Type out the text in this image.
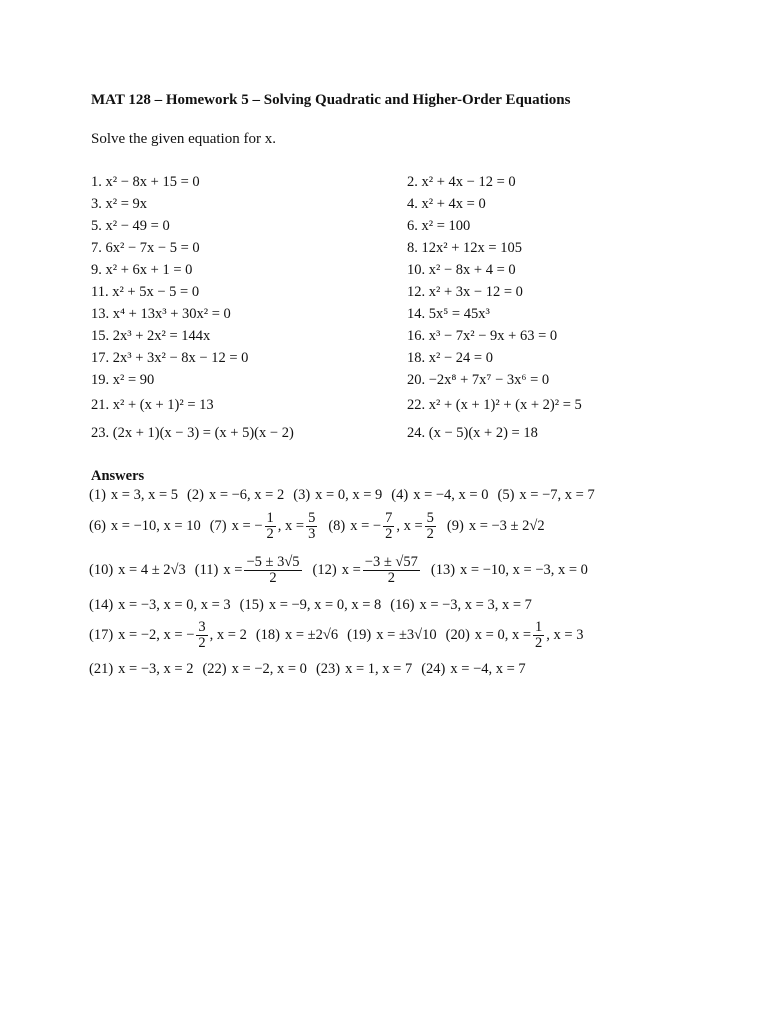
MAT 128 – Homework 5 – Solving Quadratic and Higher-Order Equations
Solve the given equation for x.
1. x² − 8x + 15 = 0	2. x² + 4x − 12 = 0
3. x² = 9x	4. x² + 4x = 0
5. x² − 49 = 0	6. x² = 100
7. 6x² − 7x − 5 = 0	8. 12x² + 12x = 105
9. x² + 6x + 1 = 0	10. x² − 8x + 4 = 0
11. x² + 5x − 5 = 0	12. x² + 3x − 12 = 0
13. x⁴ + 13x³ + 30x² = 0	14. 5x⁵ = 45x³
15. 2x³ + 2x² = 144x	16. x³ − 7x² − 9x + 63 = 0
17. 2x³ + 3x² − 8x − 12 = 0	18. x² − 24 = 0
19. x² = 90	20. −2x⁸ + 7x⁷ − 3x⁶ = 0
21. x² + (x + 1)² = 13	22. x² + (x + 1)² + (x + 2)² = 5
23. (2x + 1)(x − 3) = (x + 5)(x − 2)	24. (x − 5)(x + 2) = 18
Answers
(1) x = 3, x = 5 (2) x = −6, x = 2 (3) x = 0, x = 9 (4) x = −4, x = 0 (5) x = −7, x = 7
(6) x = −10, x = 10 (7) x = − $\frac{1}{2}$ , $x = \frac{5}{3} (8) x$ = − $\frac{7}{2}$ , $x = \frac{5}{2} (9) x = -3 \pm 2√2$
(10) x = 4 ± 2√3 (11) $x = \frac{-5 \pm 3√5}{2} (12) x = \frac{-3 \pm √57}{2} (13) x = -10$, x = −3, x = 0
(14) x = −3, x = 0, x = 3 (15) x = −9, x = 0, x = 8 (16) x = −3, x = 3, x = 7
(17) x = −2, x = − $\frac{3}{2}$ , x = 2 (18) x = ±2√6 (19) x = ±3√10 (20) x = 0, $x = \frac{1}{2}$ , x = 3
(21) x = −3, x = 2 (22) x = −2, x = 0 (23) x = 1, x = 7 (24) x = −4, x = 7
